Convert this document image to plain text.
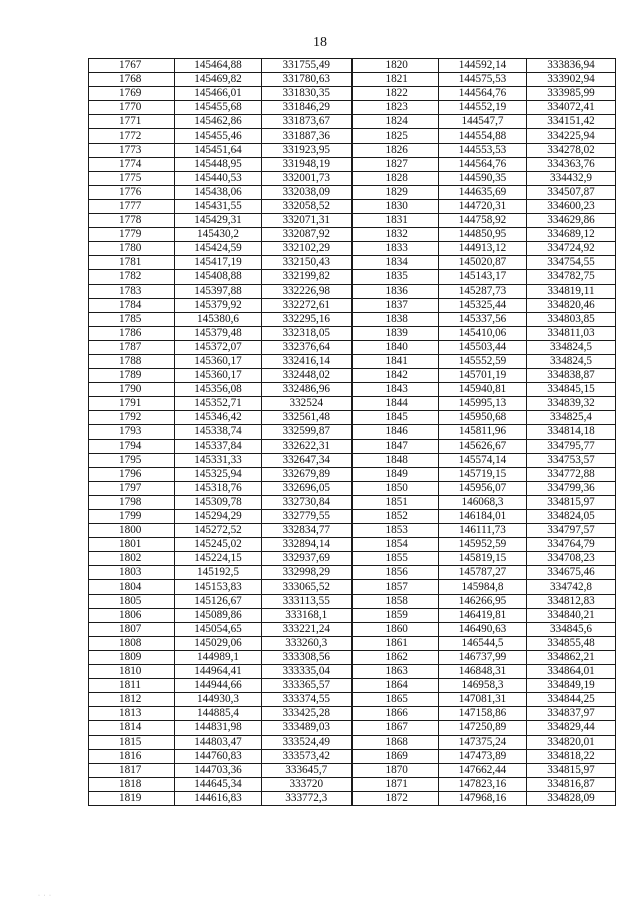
18
1767	145464,88	331755,49	1820	144592,14	333836,94
1768	145469,82	331780,63	1821	144575,53	333902,94
1769	145466,01	331830,35	1822	144564,76	333985,99
1770	145455,68	331846,29	1823	144552,19	334072,41
1771	145462,86	331873,67	1824	144547,7	334151,42
1772	145455,46	331887,36	1825	144554,88	334225,94
1773	145451,64	331923,95	1826	144553,53	334278,02
1774	145448,95	331948,19	1827	144564,76	334363,76
1775	145440,53	332001,73	1828	144590,35	334432,9
1776	145438,06	332038,09	1829	144635,69	334507,87
1777	145431,55	332058,52	1830	144720,31	334600,23
1778	145429,31	332071,31	1831	144758,92	334629,86
1779	145430,2	332087,92	1832	144850,95	334689,12
1780	145424,59	332102,29	1833	144913,12	334724,92
1781	145417,19	332150,43	1834	145020,87	334754,55
1782	145408,88	332199,82	1835	145143,17	334782,75
1783	145397,88	332226,98	1836	145287,73	334819,11
1784	145379,92	332272,61	1837	145325,44	334820,46
1785	145380,6	332295,16	1838	145337,56	334803,85
1786	145379,48	332318,05	1839	145410,06	334811,03
1787	145372,07	332376,64	1840	145503,44	334824,5
1788	145360,17	332416,14	1841	145552,59	334824,5
1789	145360,17	332448,02	1842	145701,19	334838,87
1790	145356,08	332486,96	1843	145940,81	334845,15
1791	145352,71	332524	1844	145995,13	334839,32
1792	145346,42	332561,48	1845	145950,68	334825,4
1793	145338,74	332599,87	1846	145811,96	334814,18
1794	145337,84	332622,31	1847	145626,67	334795,77
1795	145331,33	332647,34	1848	145574,14	334753,57
1796	145325,94	332679,89	1849	145719,15	334772,88
1797	145318,76	332696,05	1850	145956,07	334799,36
1798	145309,78	332730,84	1851	146068,3	334815,97
1799	145294,29	332779,55	1852	146184,01	334824,05
1800	145272,52	332834,77	1853	146111,73	334797,57
1801	145245,02	332894,14	1854	145952,59	334764,79
1802	145224,15	332937,69	1855	145819,15	334708,23
1803	145192,5	332998,29	1856	145787,27	334675,46
1804	145153,83	333065,52	1857	145984,8	334742,8
1805	145126,67	333113,55	1858	146266,95	334812,83
1806	145089,86	333168,1	1859	146419,81	334840,21
1807	145054,65	333221,24	1860	146490,63	334845,6
1808	145029,06	333260,3	1861	146544,5	334855,48
1809	144989,1	333308,56	1862	146737,99	334862,21
1810	144964,41	333335,04	1863	146848,31	334864,01
1811	144944,66	333365,57	1864	146958,3	334849,19
1812	144930,3	333374,55	1865	147081,31	334844,25
1813	144885,4	333425,28	1866	147158,86	334837,97
1814	144831,98	333489,03	1867	147250,89	334829,44
1815	144803,47	333524,49	1868	147375,24	334820,01
1816	144760,83	333573,42	1869	147473,89	334818,22
1817	144703,36	333645,7	1870	147662,44	334815,97
1818	144645,34	333720	1871	147823,16	334816,87
1819	144616,83	333772,3	1872	147968,16	334828,09
· · ·
